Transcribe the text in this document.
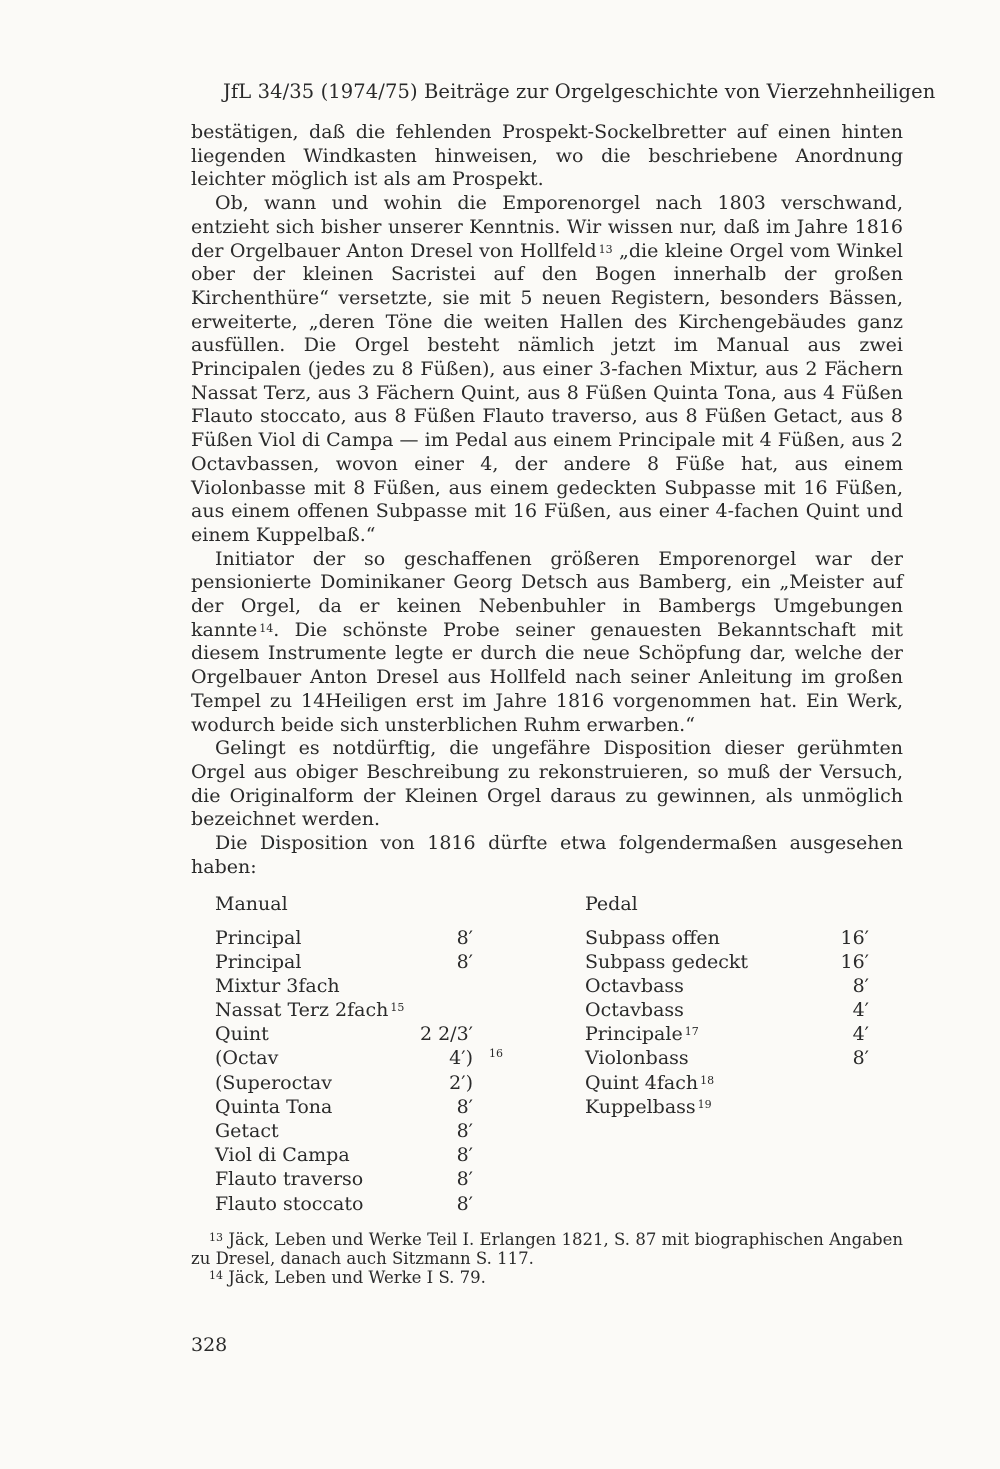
JfL 34/35 (1974/75) Beiträge zur Orgelgeschichte von Vierzehnheiligen

bestätigen, daß die fehlenden Prospekt-Sockelbretter auf einen hinten liegenden Windkasten hinweisen, wo die beschriebene Anordnung leichter möglich ist als am Prospekt.

Ob, wann und wohin die Emporenorgel nach 1803 verschwand, entzieht sich bisher unserer Kenntnis. Wir wissen nur, daß im Jahre 1816 der Orgelbauer Anton Dresel von Hollfeld $^{13}$ „die kleine Orgel vom Winkel ober der kleinen Sacristei auf den Bogen innerhalb der großen Kirchenthüre“ versetzte, sie mit 5 neuen Registern, besonders Bässen, erweiterte, „deren Töne die weiten Hallen des Kirchengebäudes ganz ausfüllen. Die Orgel besteht nämlich jetzt im Manual aus zwei Principalen (jedes zu 8 Füßen), aus einer 3-fachen Mixtur, aus 2 Fächern Nassat Terz, aus 3 Fächern Quint, aus 8 Füßen Quinta Tona, aus 4 Füßen Flauto stoccato, aus 8 Füßen Flauto traverso, aus 8 Füßen Getact, aus 8 Füßen Viol di Campa — im Pedal aus einem Principale mit 4 Füßen, aus 2 Octavbassen, wovon einer 4, der andere 8 Füße hat, aus einem Violonbasse mit 8 Füßen, aus einem gedeckten Subpasse mit 16 Füßen, aus einem offenen Subpasse mit 16 Füßen, aus einer 4-fachen Quint und einem Kuppelbaß.“

Initiator der so geschaffenen größeren Emporenorgel war der pensionierte Dominikaner Georg Detsch aus Bamberg, ein „Meister auf der Orgel, da er keinen Nebenbuhler in Bambergs Umgebungen kannte $^{14}$. Die schönste Probe seiner genauesten Bekanntschaft mit diesem Instrumente legte er durch die neue Schöpfung dar, welche der Orgelbauer Anton Dresel aus Hollfeld nach seiner Anleitung im großen Tempel zu 14Heiligen erst im Jahre 1816 vorgenommen hat. Ein Werk, wodurch beide sich unsterblichen Ruhm erwarben.“

Gelingt es notdürftig, die ungefähre Disposition dieser gerühmten Orgel aus obiger Beschreibung zu rekonstruieren, so muß der Versuch, die Originalform der Kleinen Orgel daraus zu gewinnen, als unmöglich bezeichnet werden.

Die Disposition von 1816 dürfte etwa folgendermaßen ausgesehen haben:

Manual
Principal	8′
Principal	8′
Mixtur 3fach
Nassat Terz 2fach $^{15}$
Quint	2 2/3′
(Octav	4′) 16
(Superoctav	2′)
Quinta Tona	8′
Getact	8′
Viol di Campa	8′
Flauto traverso	8′
Flauto stoccato	8′
Pedal
Subpass offen	16′
Subpass gedeckt	16′
Octavbass	8′
Octavbass	4′
Principale $^{17}$	4′
Violonbass	8′
Quint 4fach $^{18}$
Kuppelbass $^{19}$

$^{13}$ Jäck, Leben und Werke Teil I. Erlangen 1821, S. 87 mit biographischen Angaben zu Dresel, danach auch Sitzmann S. 117.

$^{14}$ Jäck, Leben und Werke I S. 79.

328
